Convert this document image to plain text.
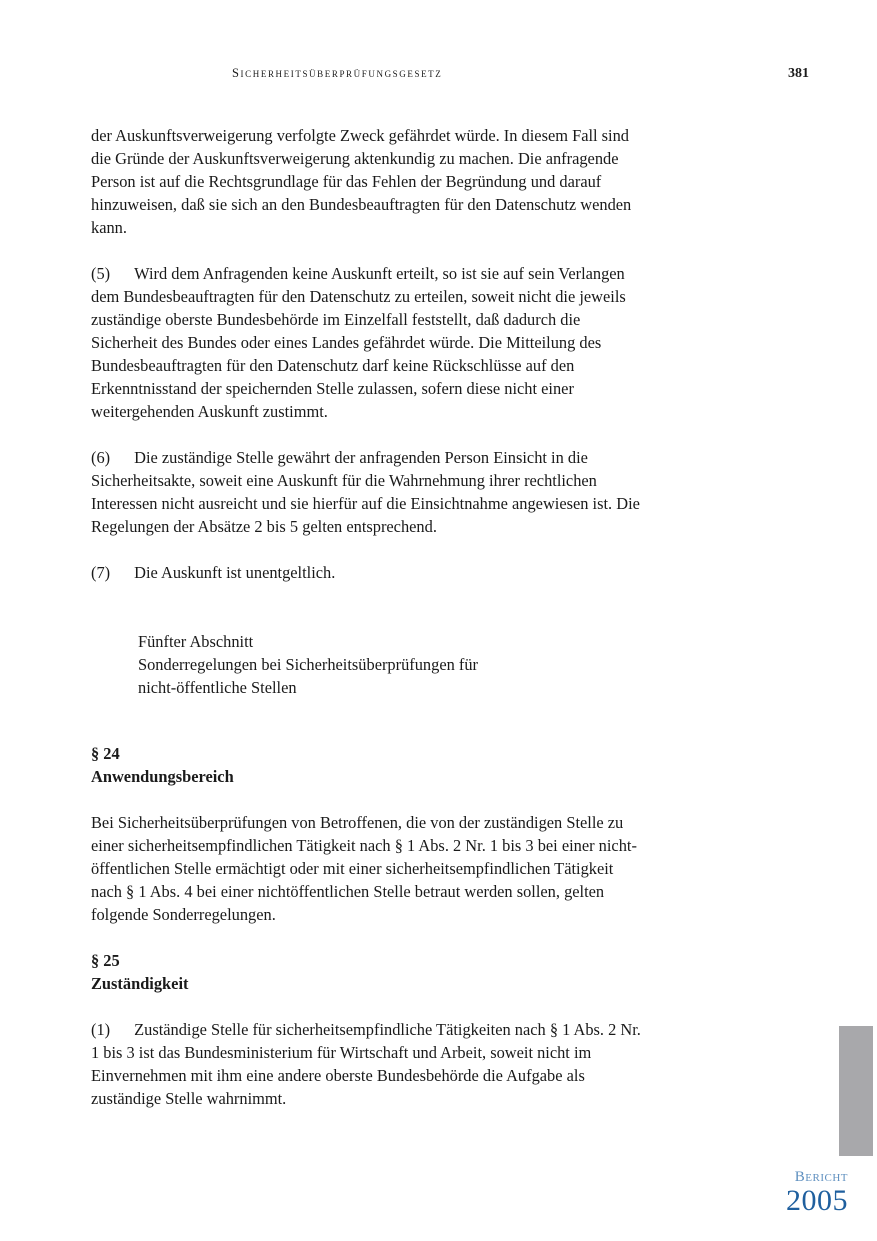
Sicherheitsüberprüfungsgesetz	381

der Auskunftsverweigerung verfolgte Zweck gefährdet würde. In diesem Fall sind die Gründe der Auskunftsverweigerung aktenkundig zu machen. Die anfragende Person ist auf die Rechtsgrundlage für das Fehlen der Begründung und darauf hinzuweisen, daß sie sich an den Bundesbeauftragten für den Datenschutz wenden kann.

(5) Wird dem Anfragenden keine Auskunft erteilt, so ist sie auf sein Verlangen dem Bundesbeauftragten für den Datenschutz zu erteilen, soweit nicht die jeweils zuständige oberste Bundesbehörde im Einzelfall feststellt, daß dadurch die Sicherheit des Bundes oder eines Landes gefährdet würde. Die Mitteilung des Bundesbeauftragten für den Datenschutz darf keine Rückschlüsse auf den Erkenntnisstand der speichernden Stelle zulassen, sofern diese nicht einer weitergehenden Auskunft zustimmt.

(6) Die zuständige Stelle gewährt der anfragenden Person Einsicht in die Sicherheitsakte, soweit eine Auskunft für die Wahrnehmung ihrer rechtlichen Interessen nicht ausreicht und sie hierfür auf die Einsichtnahme angewiesen ist. Die Regelungen der Absätze 2 bis 5 gelten entsprechend.

(7) Die Auskunft ist unentgeltlich.

Fünfter Abschnitt

Sonderregelungen bei Sicherheitsüberprüfungen für

nicht-öffentliche Stellen

§ 24

Anwendungsbereich

Bei Sicherheitsüberprüfungen von Betroffenen, die von der zuständigen Stelle zu einer sicherheitsempfindlichen Tätigkeit nach § 1 Abs. 2 Nr. 1 bis 3 bei einer nicht-öffentlichen Stelle ermächtigt oder mit einer sicherheitsempfindlichen Tätigkeit nach § 1 Abs. 4 bei einer nichtöffentlichen Stelle betraut werden sollen, gelten folgende Sonderregelungen.

§ 25

Zuständigkeit

(1) Zuständige Stelle für sicherheitsempfindliche Tätigkeiten nach § 1 Abs. 2 Nr. 1 bis 3 ist das Bundesministerium für Wirtschaft und Arbeit, soweit nicht im Einvernehmen mit ihm eine andere oberste Bundesbehörde die Aufgabe als zuständige Stelle wahrnimmt.

Bericht
2005
